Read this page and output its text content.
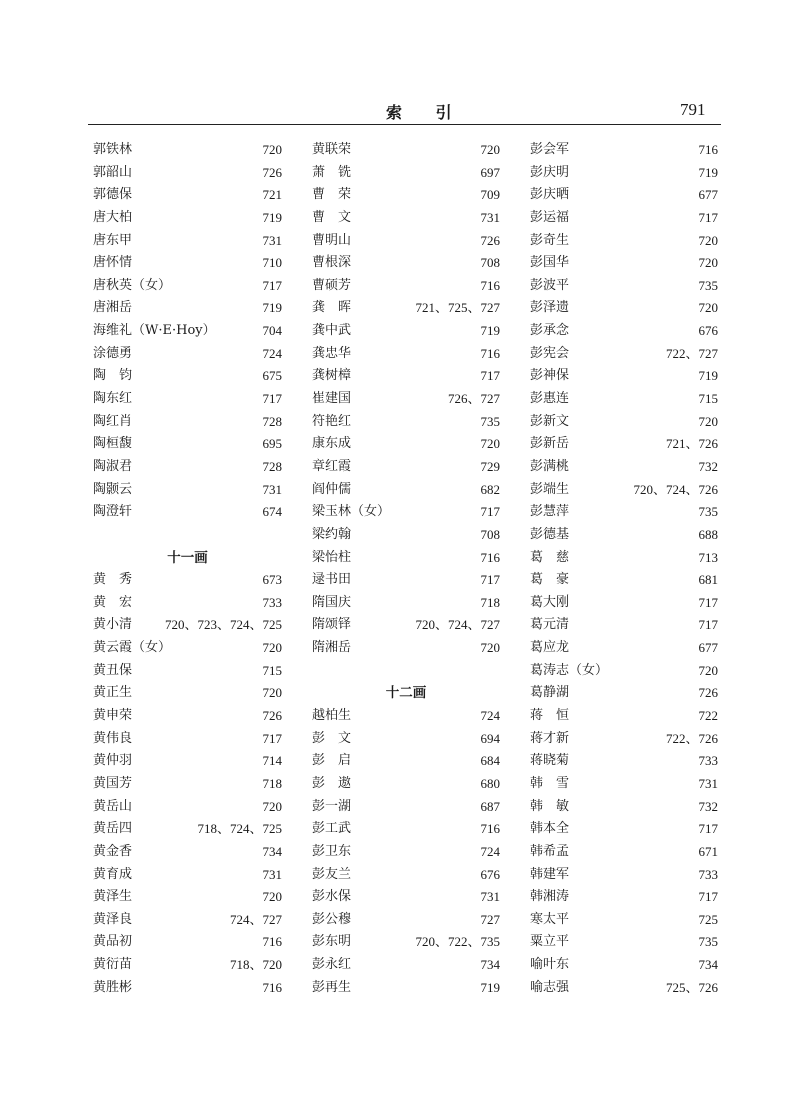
索 引	791
郭铁林	720
郭韶山	726
郭德保	721
唐大柏	719
唐东甲	731
唐怀情	710
唐秋英（女）	717
唐湘岳	719
海维礼（W·E·Hoy）	704
涂德勇	724
陶　钧	675
陶东红	717
陶红肖	728
陶桓馥	695
陶淑君	728
陶颢云	731
陶澄轩	674
十一画
黄　秀	673
黄　宏	733
黄小清	720、723、724、725
黄云霞（女）	720
黄丑保	715
黄正生	720
黄申荣	726
黄伟良	717
黄仲羽	714
黄国芳	718
黄岳山	720
黄岳四	718、724、725
黄金香	734
黄育成	731
黄泽生	720
黄泽良	724、727
黄品初	716
黄衍苗	718、720
黄胜彬	716
黄联荣	720
萧　铣	697
曹　荣	709
曹　文	731
曹明山	726
曹根深	708
曹硕芳	716
龚　晖	721、725、727
龚中武	719
龚忠华	716
龚树樟	717
崔建国	726、727
符艳红	735
康东成	720
章红霞	729
阎仲儒	682
梁玉林（女）	717
梁约翰	708
梁怡柱	716
逯书田	717
隋国庆	718
隋颂铎	720、724、727
隋湘岳	720
十二画
越柏生	724
彭　文	694
彭　启	684
彭　遨	680
彭一湖	687
彭工武	716
彭卫东	724
彭友兰	676
彭水保	731
彭公穆	727
彭东明	720、722、735
彭永红	734
彭再生	719
彭会军	716
彭庆明	719
彭庆晒	677
彭运福	717
彭奇生	720
彭国华	720
彭波平	735
彭泽遗	720
彭承念	676
彭宪会	722、727
彭神保	719
彭惠连	715
彭新文	720
彭新岳	721、726
彭满桃	732
彭端生	720、724、726
彭慧萍	735
彭德基	688
葛　慈	713
葛　豪	681
葛大刚	717
葛元清	717
葛应龙	677
葛涛志（女）	720
葛静湖	726
蒋　恒	722
蒋才新	722、726
蒋晓菊	733
韩　雪	731
韩　敏	732
韩本全	717
韩希孟	671
韩建军	733
韩湘涛	717
寒太平	725
粟立平	735
喻叶东	734
喻志强	725、726
